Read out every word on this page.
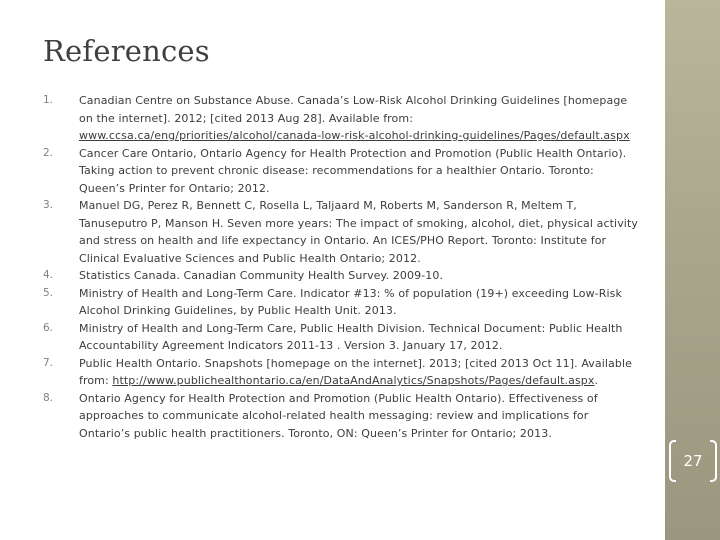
References
1.	Canadian Centre on Substance Abuse. Canada’s Low-Risk Alcohol Drinking Guidelines [homepage on the internet]. 2012; [cited 2013 Aug 28]. Available from: www.ccsa.ca/eng/priorities/alcohol/canada-low-risk-alcohol-drinking-guidelines/Pages/default.aspx
2.	Cancer Care Ontario, Ontario Agency for Health Protection and Promotion (Public Health Ontario). Taking action to prevent chronic disease: recommendations for a healthier Ontario. Toronto: Queen’s Printer for Ontario; 2012.
3.	Manuel DG, Perez R, Bennett C, Rosella L, Taljaard M, Roberts M, Sanderson R, Meltem T, Tanuseputro P, Manson H. Seven more years: The impact of smoking, alcohol, diet, physical activity and stress on health and life expectancy in Ontario. An ICES/PHO Report. Toronto: Institute for Clinical Evaluative Sciences and Public Health Ontario; 2012.
4.	Statistics Canada. Canadian Community Health Survey. 2009-10.
5.	Ministry of Health and Long-Term Care. Indicator #13: % of population (19+) exceeding Low-Risk Alcohol Drinking Guidelines, by Public Health Unit. 2013.
6.	Ministry of Health and Long-Term Care, Public Health Division. Technical Document: Public Health Accountability Agreement Indicators 2011-13 . Version 3. January 17, 2012.
7.	Public Health Ontario. Snapshots [homepage on the internet]. 2013; [cited 2013 Oct 11]. Available from: http://www.publichealthontario.ca/en/DataAndAnalytics/Snapshots/Pages/default.aspx.
8.	Ontario Agency for Health Protection and Promotion (Public Health Ontario). Effectiveness of approaches to communicate alcohol-related health messaging: review and implications for Ontario’s public health practitioners. Toronto, ON: Queen’s Printer for Ontario; 2013.
27
